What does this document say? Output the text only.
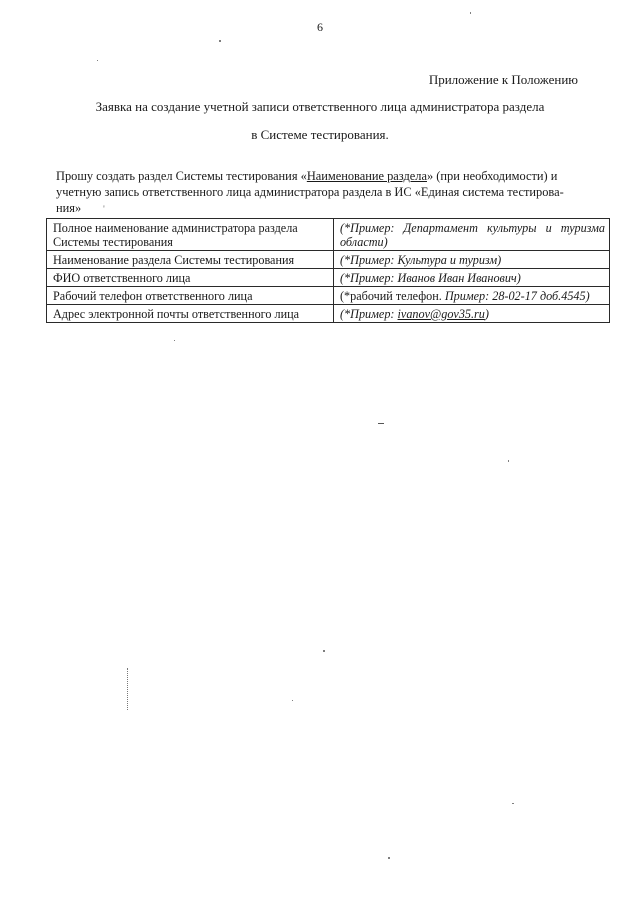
6
Приложение к Положению
Заявка на создание учетной записи ответственного лица администратора раздела
в Системе тестирования.
Прошу создать раздел Системы тестирования «Наименование раздела» (при необходимости) и
учетную запись ответственного лица администратора раздела в ИС «Единая система тестирова-
ния» '
Полное наименование администратора раздела Системы тестирования	(*Пример: Департамент культуры и туризма области)
Наименование раздела Системы тестирования	(*Пример: Культура и туризм)
ФИО ответственного лица	(*Пример: Иванов Иван Иванович)
Рабочий телефон ответственного лица	(*рабочий телефон. Пример: 28-02-17 доб.4545)
Адрес электронной почты ответственного лица	(*Пример: ivanov@gov35.ru)
